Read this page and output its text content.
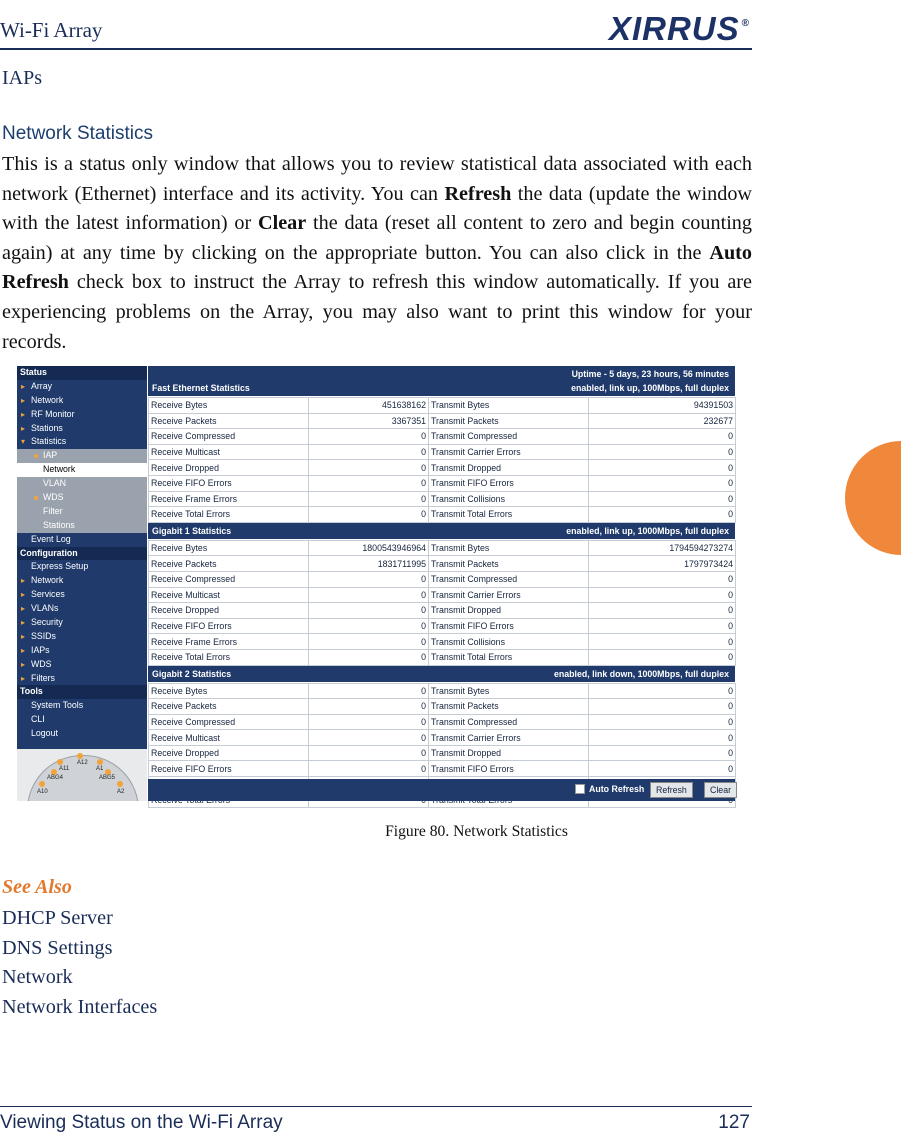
Wi-Fi Array	XIRRUS ®
IAPs
Network Statistics

This is a status only window that allows you to review statistical data associated with each network (Ethernet) interface and its activity. You can Refresh the data (update the window with the latest information) or Clear the data (reset all content to zero and begin counting again) at any time by clicking on the appropriate button. You can also click in the Auto Refresh check box to instruct the Array to refresh this window automatically. If you are experiencing problems on the Array, you may also want to print this window for your records.

Status
▸ Array
▸ Network
▸ RF Monitor
▸ Stations
▾ Statistics
IAP
Network
VLAN
WDS
Filter
Stations
Event Log
Configuration
Express Setup
▸ Network
▸ Services
▸ VLANs
▸ Security
▸ SSIDs
▸ IAPs
▸ WDS
▸ Filters
Tools
System Tools
CLI
Logout
A11
A12
A1
A10	A2
ABG4	ABG5
Uptime - 5 days, 23 hours, 56 minutes
Fast Ethernet Statistics	enabled, link up, 100Mbps, full duplex
Receive Bytes	451638162	Transmit Bytes	94391503
Receive Packets	3367351	Transmit Packets	232677
Receive Compressed	0	Transmit Compressed	0
Receive Multicast	0	Transmit Carrier Errors	0
Receive Dropped	0	Transmit Dropped	0
Receive FIFO Errors	0	Transmit FIFO Errors	0
Receive Frame Errors	0	Transmit Collisions	0
Receive Total Errors	0	Transmit Total Errors	0
Gigabit 1 Statistics	enabled, link up, 1000Mbps, full duplex
Receive Bytes	1800543946964	Transmit Bytes	1794594273274
Receive Packets	1831711995	Transmit Packets	1797973424
Receive Compressed	0	Transmit Compressed	0
Receive Multicast	0	Transmit Carrier Errors	0
Receive Dropped	0	Transmit Dropped	0
Receive FIFO Errors	0	Transmit FIFO Errors	0
Receive Frame Errors	0	Transmit Collisions	0
Receive Total Errors	0	Transmit Total Errors	0
Gigabit 2 Statistics	enabled, link down, 1000Mbps, full duplex
Receive Bytes	0	Transmit Bytes	0
Receive Packets	0	Transmit Packets	0
Receive Compressed	0	Transmit Compressed	0
Receive Multicast	0	Transmit Carrier Errors	0
Receive Dropped	0	Transmit Dropped	0
Receive FIFO Errors	0	Transmit FIFO Errors	0

Auto Refresh	Refresh	Clear
Figure 80. Network Statistics
See Also
DHCP Server
DNS Settings
Network
Network Interfaces
Viewing Status on the Wi-Fi Array	127
